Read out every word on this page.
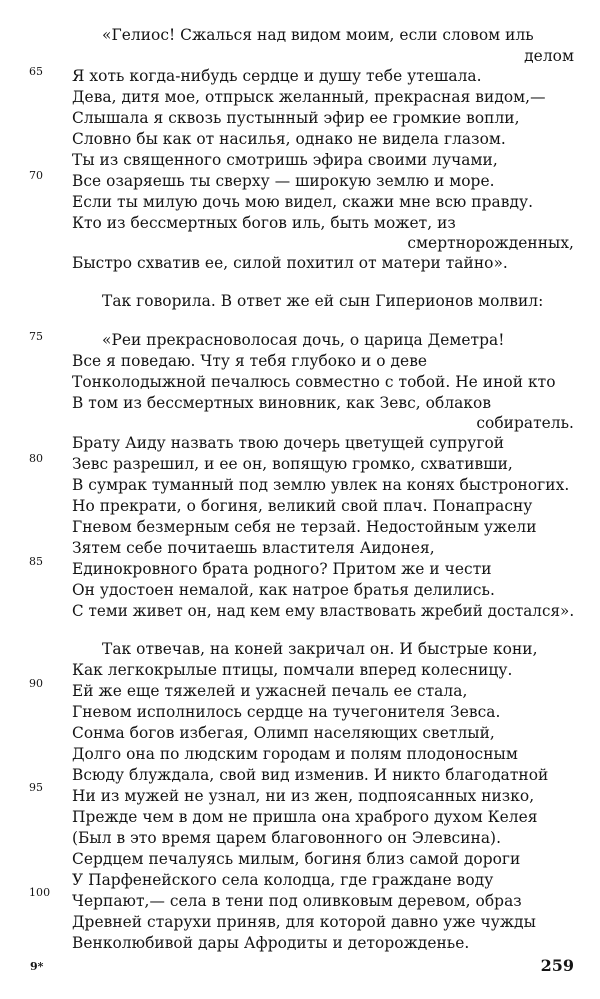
«Гелиос! Сжалься над видом моим, если словом иль
делом
65 Я хоть когда-нибудь сердце и душу тебе утешала.
Дева, дитя мое, отпрыск желанный, прекрасная видом,—
Слышала я сквозь пустынный эфир ее громкие вопли,
Словно бы как от насилья, однако не видела глазом.
Ты из священного смотришь эфира своими лучами,
70 Все озаряешь ты сверху — широкую землю и море.
Если ты милую дочь мою видел, скажи мне всю правду.
Кто из бессмертных богов иль, быть может, из
смертнорожденных,
Быстро схватив ее, силой похитил от матери тайно».
Так говорила. В ответ же ей сын Гиперионов молвил:
75	«Реи прекрасноволосая дочь, о царица Деметра!
Все я поведаю. Чту я тебя глубоко и о деве
Тонколодыжной печалюсь совместно с тобой. Не иной кто
В том из бессмертных виновник, как Зевс, облаков
собиратель.
Брату Аиду назвать твою дочерь цветущей супругой
80 Зевс разрешил, и ее он, вопящую громко, схвативши,
В сумрак туманный под землю увлек на конях быстроногих.
Но прекрати, о богиня, великий свой плач. Понапрасну
Гневом безмерным себя не терзай. Недостойным ужели
Зятем себе почитаешь властителя Аидонея,
85 Единокровного брата родного? Притом же и чести
Он удостоен немалой, как натрое братья делились.
С теми живет он, над кем ему властвовать жребий достался».
Так отвечав, на коней закричал он. И быстрые кони,
Как легкокрылые птицы, помчали вперед колесницу.
90 Ей же еще тяжелей и ужасней печаль ее стала,
Гневом исполнилось сердце на тучегонителя Зевса.
Сонма богов избегая, Олимп населяющих светлый,
Долго она по людским городам и полям плодоносным
Всюду блуждала, свой вид изменив. И никто благодатной
95 Ни из мужей не узнал, ни из жен, подпоясанных низко,
Прежде чем в дом не пришла она храброго духом Келея
(Был в это время царем благовонного он Элевсина).
Сердцем печалуясь милым, богиня близ самой дороги
У Парфенейского села колодца, где граждане воду
100 Черпают,— села в тени под оливковым деревом, образ
Древней старухи приняв, для которой давно уже чужды
Венколюбивой дары Афродиты и деторожденье.
9*	259
